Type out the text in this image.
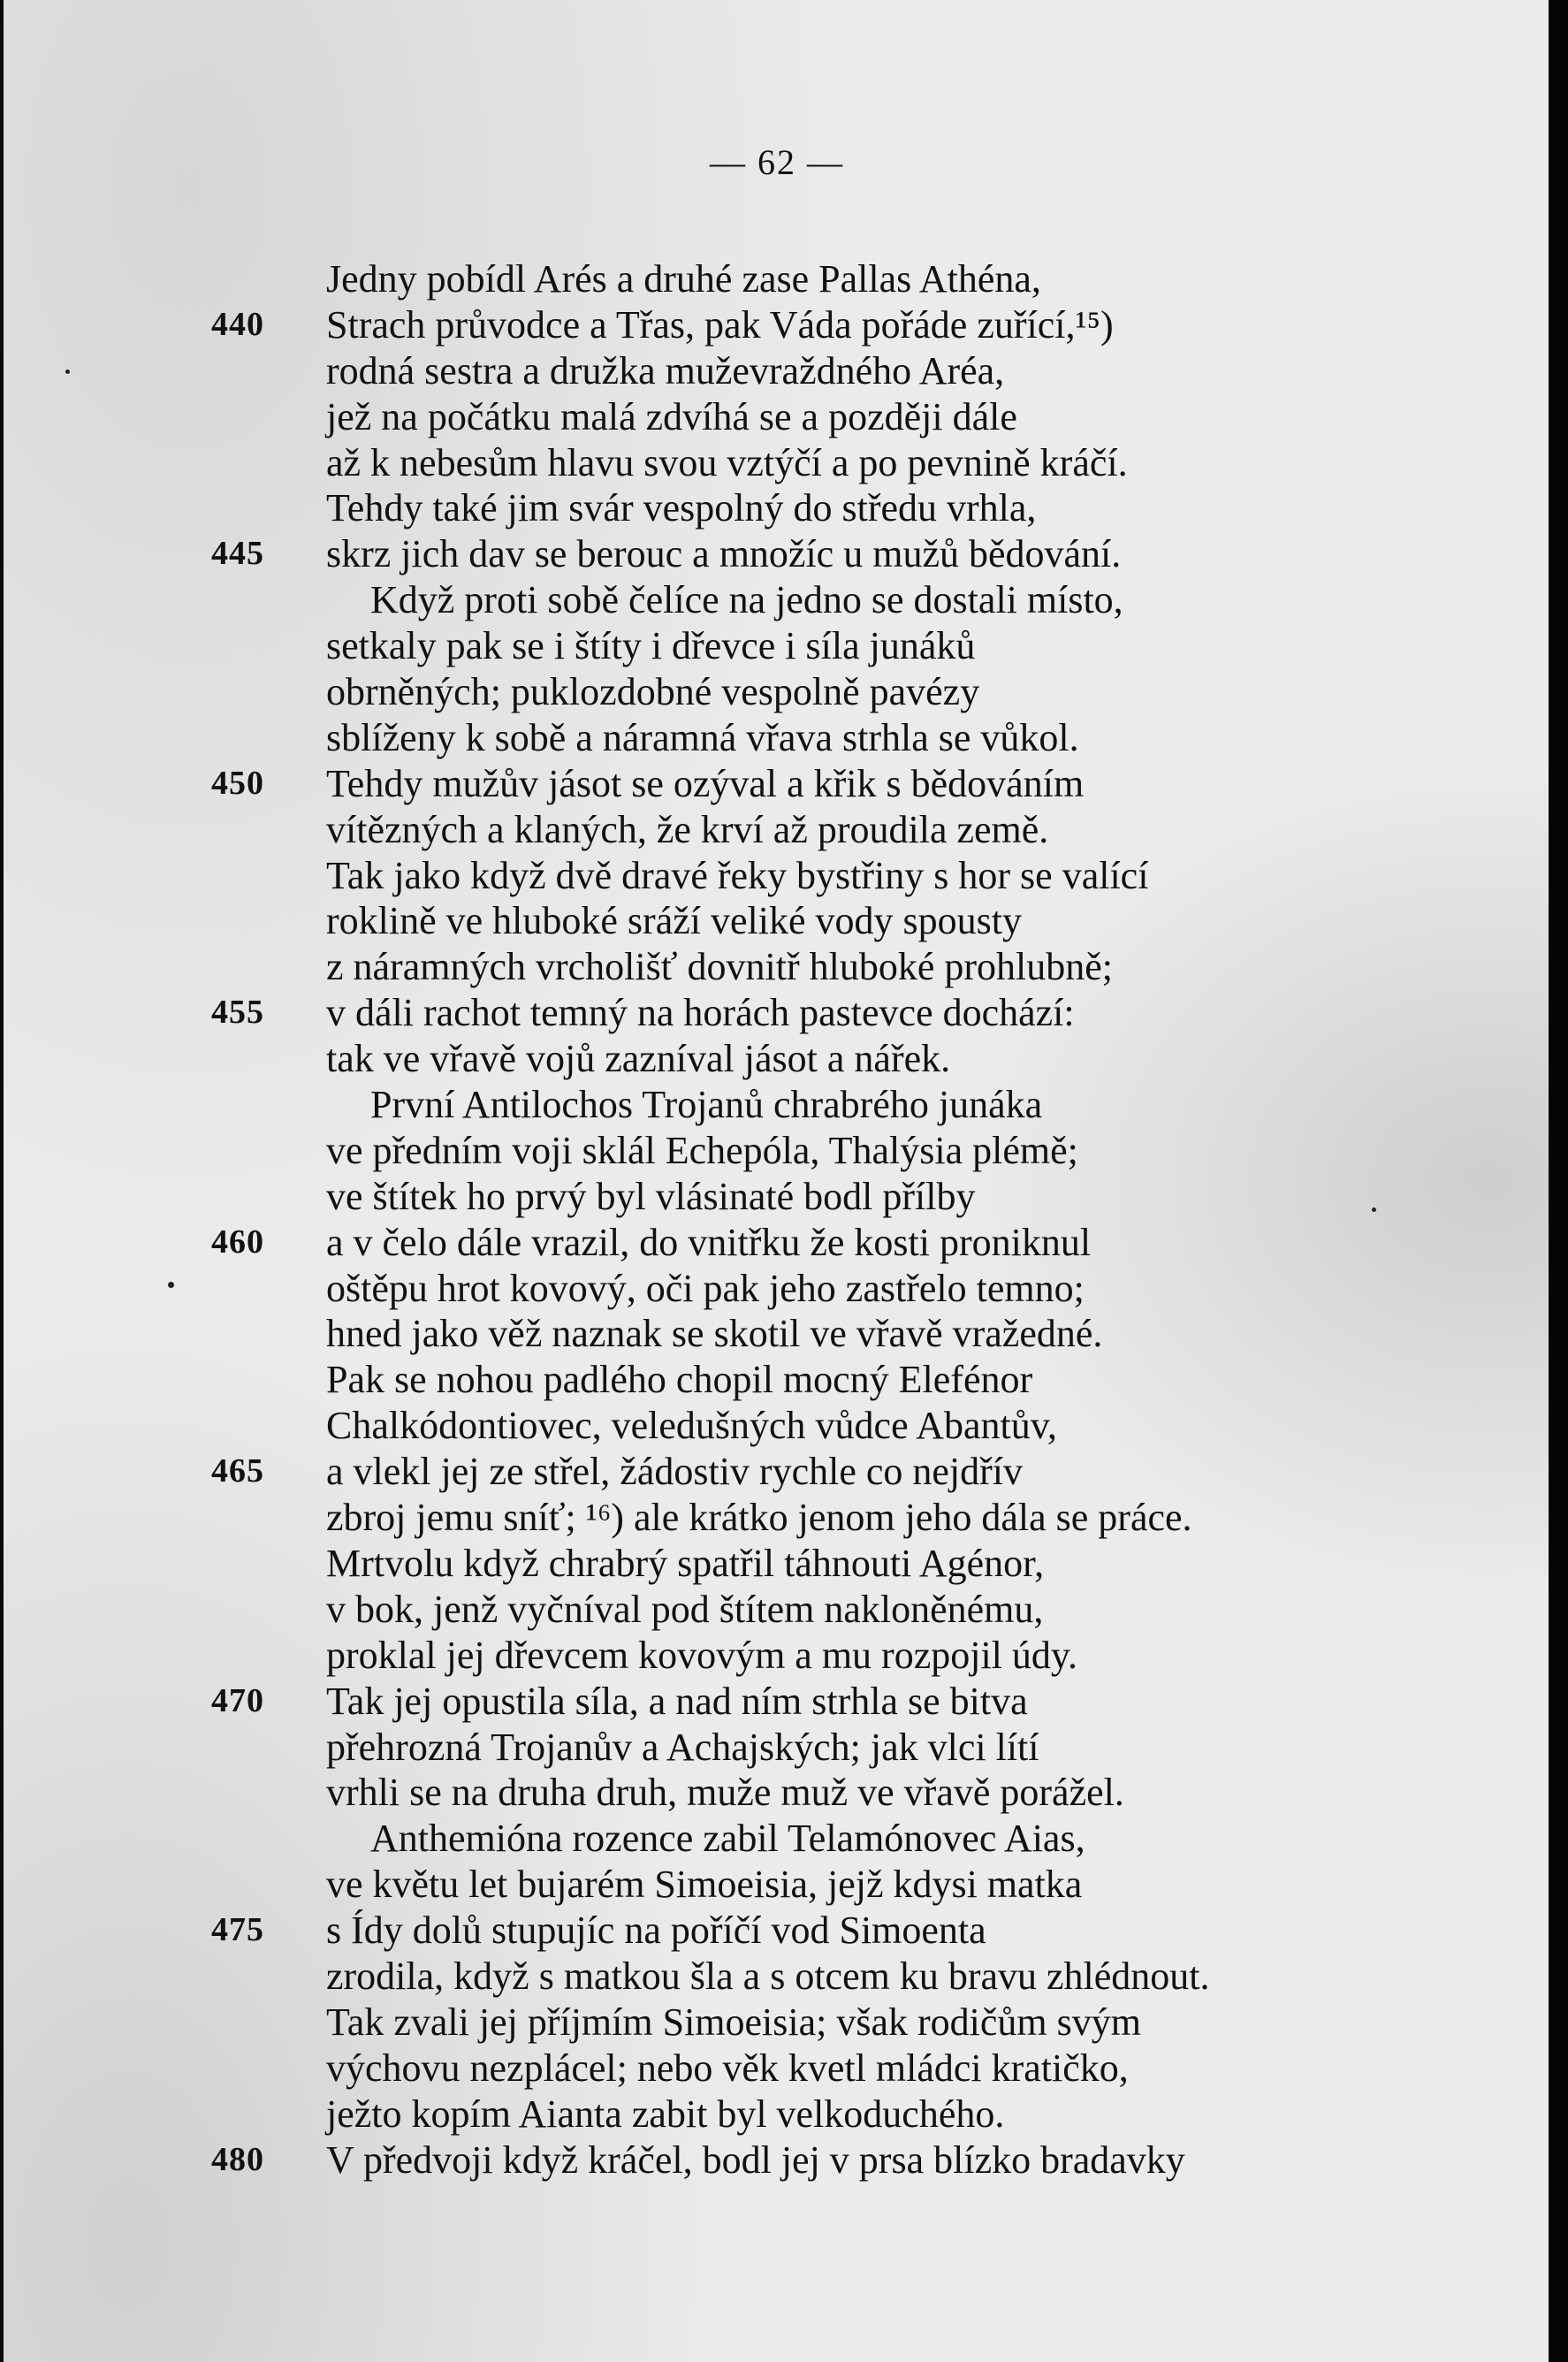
— 62 —
Jedny pobídl Arés a druhé zase Pallas Athéna,
440 Strach průvodce a Třas, pak Váda pořáde zuřící,¹⁵)
rodná sestra a družka muževraždného Aréa,
jež na počátku malá zdvíhá se a později dále
až k nebesům hlavu svou vztýčí a po pevnině kráčí.
Tehdy také jim svár vespolný do středu vrhla,
445 skrz jich dav se berouc a množíc u mužů bědování.
Když proti sobě čelíce na jedno se dostali místo,
setkaly pak se i štíty i dřevce i síla junáků
obrněných; puklozdobné vespolně pavézy
sblíženy k sobě a náramná vřava strhla se vůkol.
450 Tehdy mužův jásot se ozýval a křik s bědováním
vítězných a klaných, že krví až proudila země.
Tak jako když dvě dravé řeky bystřiny s hor se valící
roklině ve hluboké sráží veliké vody spousty
z náramných vrcholišť dovnitř hluboké prohlubně;
455 v dáli rachot temný na horách pastevce dochází:
tak ve vřavě vojů zazníval jásot a nářek.
První Antilochos Trojanů chrabrého junáka
ve předním voji sklál Echepóla, Thalýsia plémě;
ve štítek ho prvý byl vlásinaté bodl přílby
460 a v čelo dále vrazil, do vnitřku že kosti proniknul
oštěpu hrot kovový, oči pak jeho zastřelo temno;
hned jako věž naznak se skotil ve vřavě vražedné.
Pak se nohou padlého chopil mocný Elefénor
Chalkódontiovec, veledušných vůdce Abantův,
465 a vlekl jej ze střel, žádostiv rychle co nejdřív
zbroj jemu sníť; ¹⁶) ale krátko jenom jeho dála se práce.
Mrtvolu když chrabrý spatřil táhnouti Agénor,
v bok, jenž vyčníval pod štítem nakloněnému,
proklal jej dřevcem kovovým a mu rozpojil údy.
470 Tak jej opustila síla, a nad ním strhla se bitva
přehrozná Trojanův a Achajských; jak vlci lítí
vrhli se na druha druh, muže muž ve vřavě porážel.
Anthemióna rozence zabil Telamónovec Aias,
ve květu let bujarém Simoeisia, jejž kdysi matka
475 s Ídy dolů stupujíc na poříčí vod Simoenta
zrodila, když s matkou šla a s otcem ku bravu zhlédnout.
Tak zvali jej příjmím Simoeisia; však rodičům svým
výchovu nezplácel; nebo věk kvetl mládci kratičko,
ježto kopím Aianta zabit byl velkoduchého.
480 V předvoji když kráčel, bodl jej v prsa blízko bradavky
